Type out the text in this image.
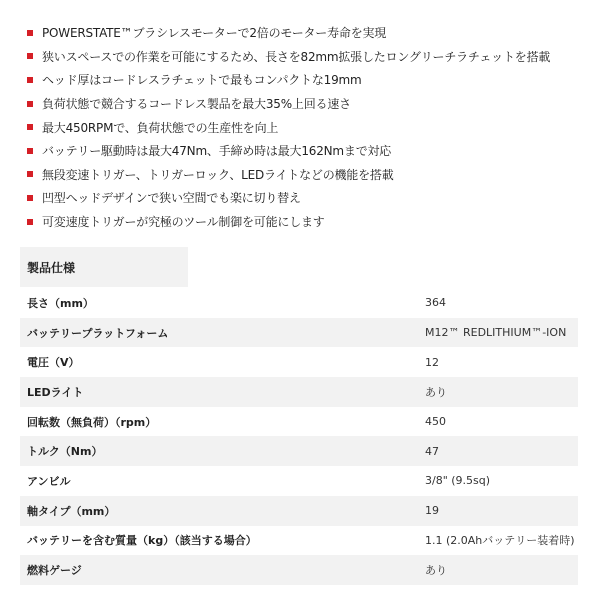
POWERSTATE™ブラシレスモーターで2倍のモーター寿命を実現
狭いスペースでの作業を可能にするため、長さを82mm拡張したロングリーチラチェットを搭載
ヘッド厚はコードレスラチェットで最もコンパクトな19mm
負荷状態で競合するコードレス製品を最大35%上回る速さ
最大450RPMで、負荷状態での生産性を向上
バッテリー駆動時は最大47Nm、手締め時は最大162Nmまで対応
無段変速トリガー、トリガーロック、LEDライトなどの機能を搭載
凹型ヘッドデザインで狭い空間でも楽に切り替え
可変速度トリガーが究極のツール制御を可能にします
製品仕様
長さ（mm）	364
バッテリープラットフォーム	M12™ REDLITHIUM™-ION
電圧（V）	12
LEDライト	あり
回転数（無負荷）（rpm）	450
トルク（Nm）	47
アンビル	3/8" (9.5sq)
軸タイプ（mm）	19
バッテリーを含む質量（kg）（該当する場合）	1.1 (2.0Ahバッテリー装着時)
燃料ゲージ	あり
